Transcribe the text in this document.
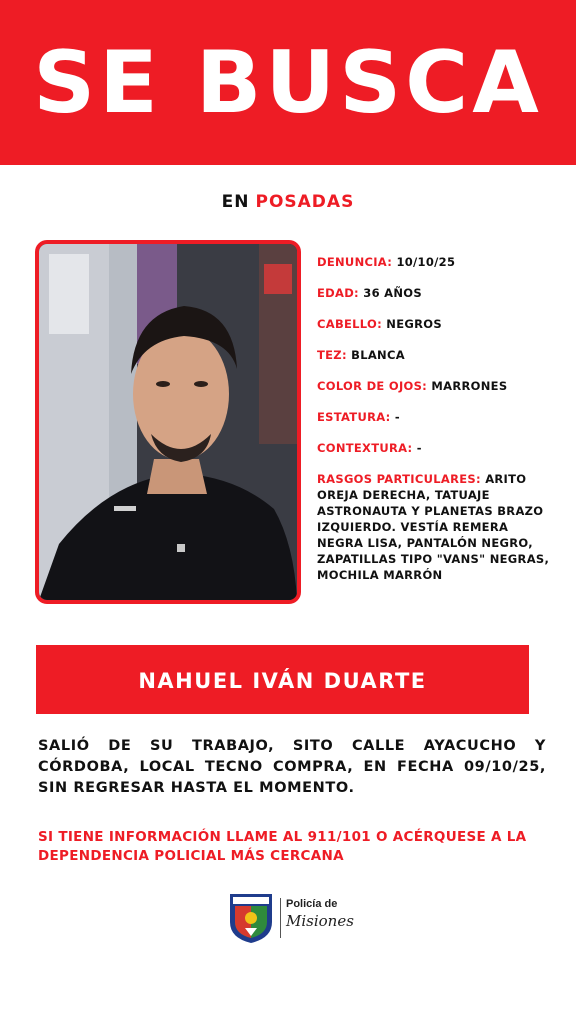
SE BUSCA
EN POSADAS
DENUNCIA: 10/10/25
EDAD: 36 AÑOS
CABELLO: NEGROS
TEZ: BLANCA
COLOR DE OJOS: MARRONES
ESTATURA: -
CONTEXTURA: -
RASGOS PARTICULARES: ARITO OREJA DERECHA, TATUAJE ASTRONAUTA Y PLANETAS BRAZO IZQUIERDO. VESTÍA REMERA NEGRA LISA, PANTALÓN NEGRO, ZAPATILLAS TIPO "VANS" NEGRAS, MOCHILA MARRÓN
NAHUEL IVÁN DUARTE
SALIÓ DE SU TRABAJO, SITO CALLE AYACUCHO Y CÓRDOBA, LOCAL TECNO COMPRA, EN FECHA 09/10/25, SIN REGRESAR HASTA EL MOMENTO.
SI TIENE INFORMACIÓN LLAME AL 911/101 O ACÉRQUESE A LA DEPENDENCIA POLICIAL MÁS CERCANA
Policía de
Misiones
